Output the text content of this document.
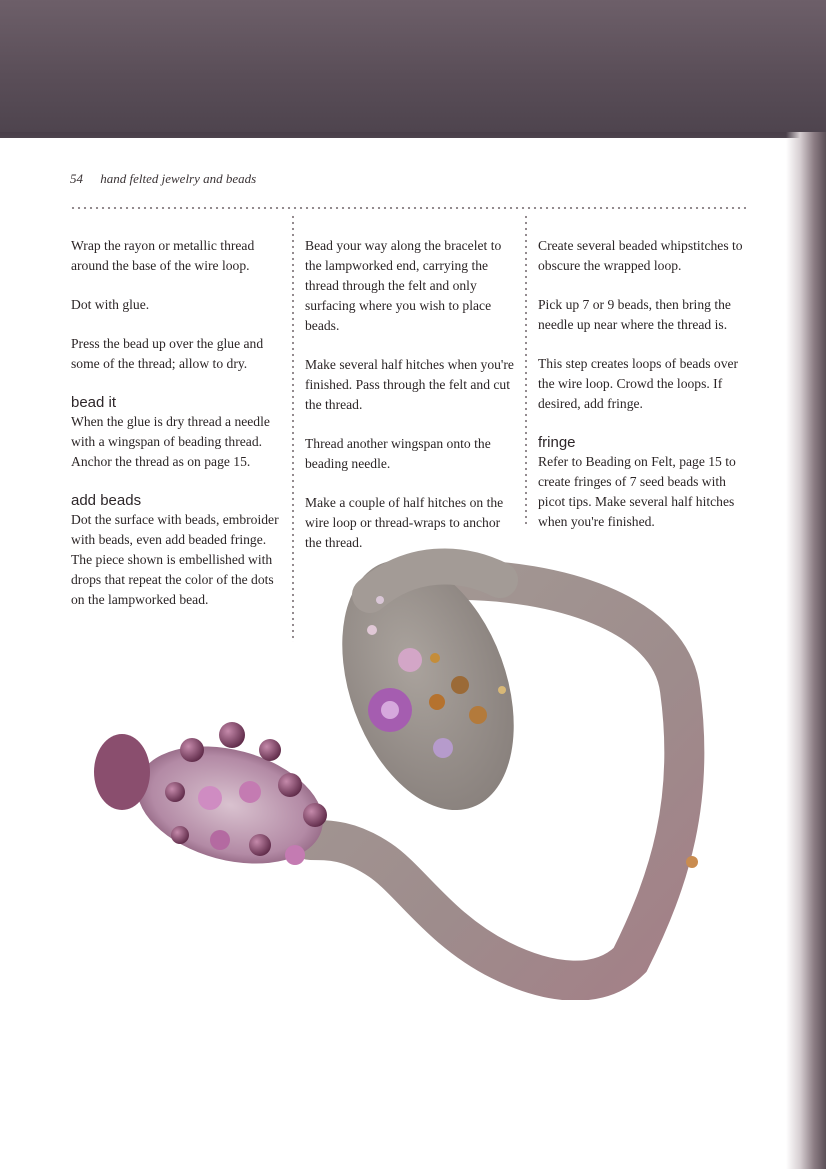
54 hand felted jewelry and beads

Wrap the rayon or metallic thread around the base of the wire loop.

Dot with glue.

Press the bead up over the glue and some of the thread; allow to dry.

bead it

When the glue is dry thread a needle with a wingspan of beading thread. Anchor the thread as on page 15.

add beads

Dot the surface with beads, embroider with beads, even add beaded fringe. The piece shown is embellished with drops that repeat the color of the dots on the lampworked bead.

Bead your way along the bracelet to the lampworked end, carrying the thread through the felt and only surfacing where you wish to place beads.

Make several half hitches when you're finished. Pass through the felt and cut the thread.

Thread another wingspan onto the beading needle.

Make a couple of half hitches on the wire loop or thread-wraps to anchor the thread.

Create several beaded whipstitches to obscure the wrapped loop.

Pick up 7 or 9 beads, then bring the needle up near where the thread is.

This step creates loops of beads over the wire loop. Crowd the loops. If desired, add fringe.

fringe

Refer to Beading on Felt, page 15 to create fringes of 7 seed beads with picot tips. Make several half hitches when you're finished.
